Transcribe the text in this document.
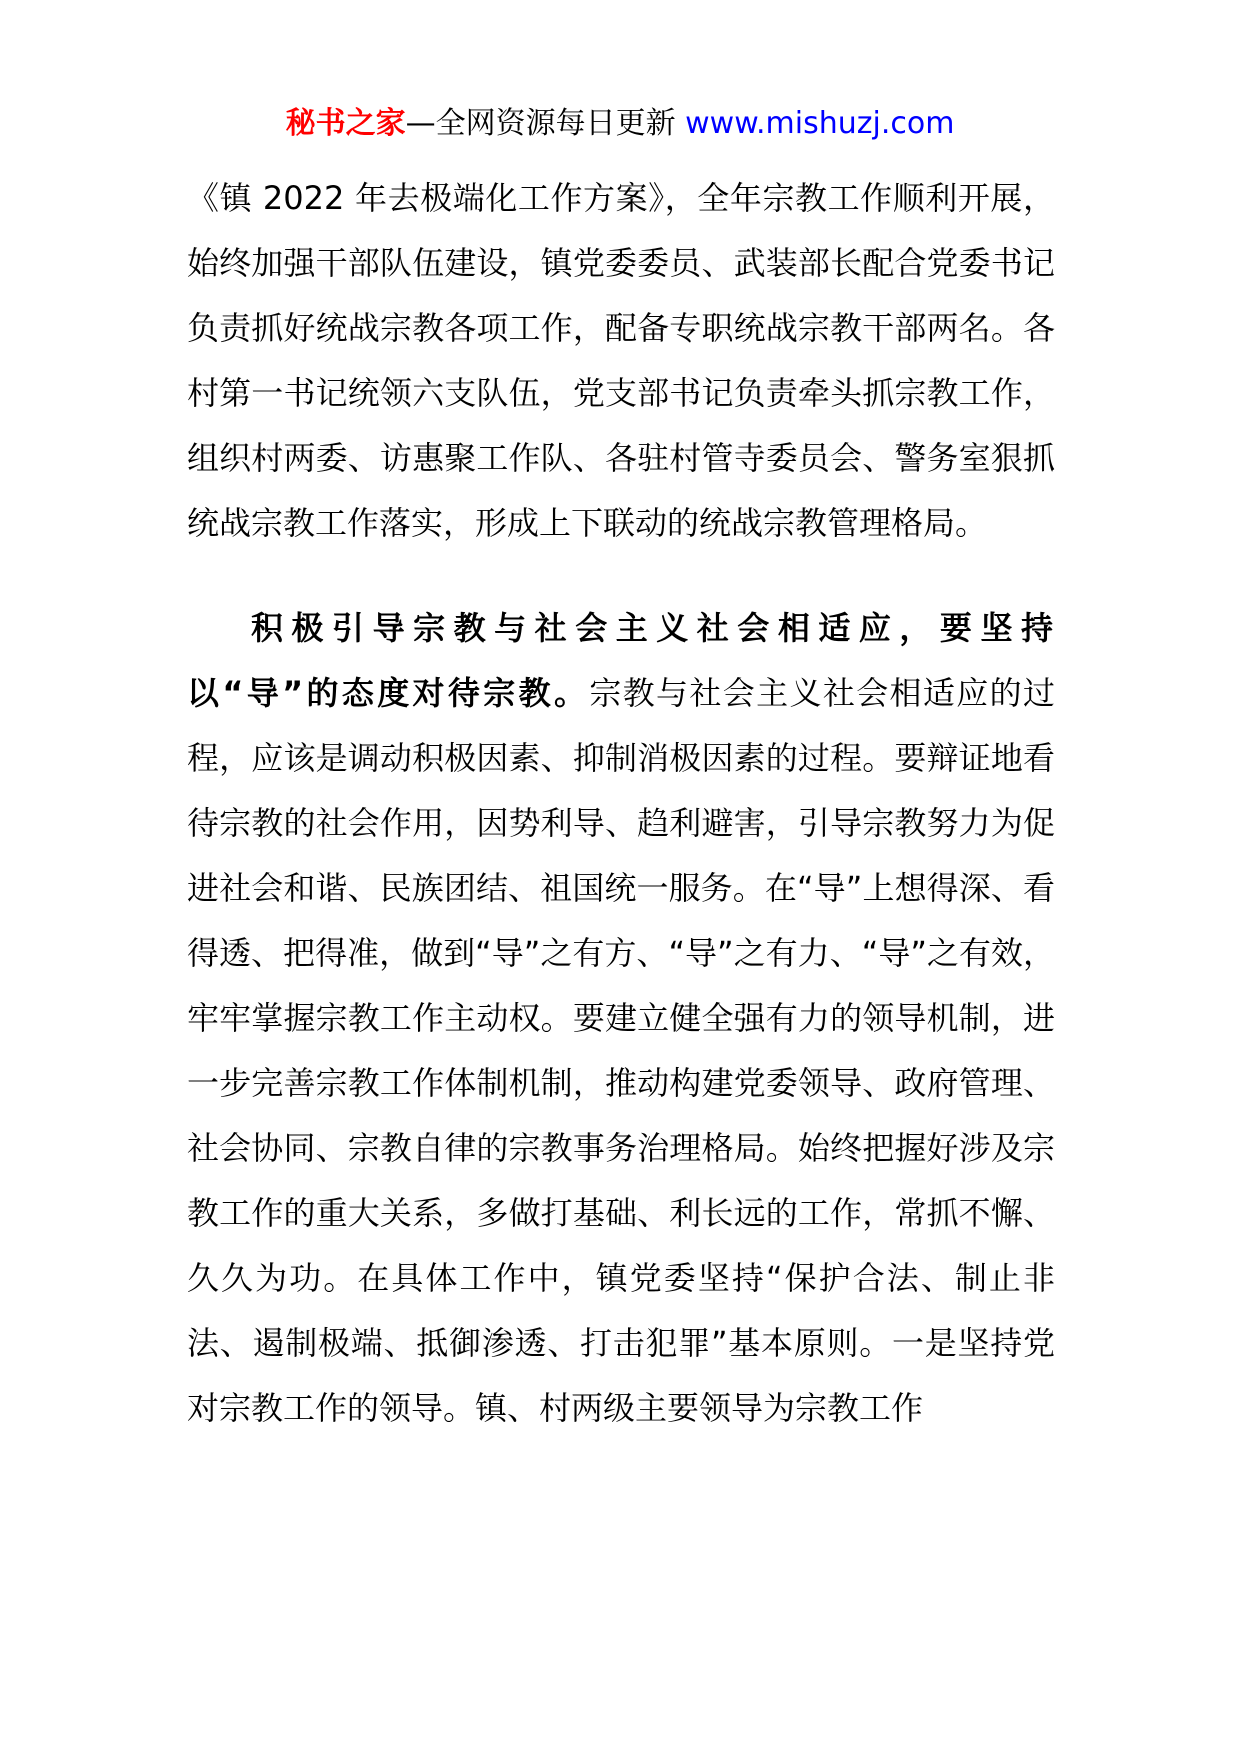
秘书之家—全网资源每日更新 www.mishuzj.com

《镇 2022 年去极端化工作方案》，全年宗教工作顺利开展，始终加强干部队伍建设，镇党委委员、武装部长配合党委书记负责抓好统战宗教各项工作，配备专职统战宗教干部两名。各村第一书记统领六支队伍，党支部书记负责牵头抓宗教工作，组织村两委、访惠聚工作队、各驻村管寺委员会、警务室狠抓统战宗教工作落实，形成上下联动的统战宗教管理格局。

积极引导宗教与社会主义社会相适应，要坚持以“导”的态度对待宗教。宗教与社会主义社会相适应的过程，应该是调动积极因素、抑制消极因素的过程。要辩证地看待宗教的社会作用，因势利导、趋利避害，引导宗教努力为促进社会和谐、民族团结、祖国统一服务。在“导”上想得深、看得透、把得准，做到“导”之有方、“导”之有力、“导”之有效，牢牢掌握宗教工作主动权。要建立健全强有力的领导机制，进一步完善宗教工作体制机制，推动构建党委领导、政府管理、社会协同、宗教自律的宗教事务治理格局。始终把握好涉及宗教工作的重大关系，多做打基础、利长远的工作，常抓不懈、久久为功。在具体工作中，镇党委坚持“保护合法、制止非法、遏制极端、抵御渗透、打击犯罪”基本原则。一是坚持党对宗教工作的领导。镇、村两级主要领导为宗教工作
